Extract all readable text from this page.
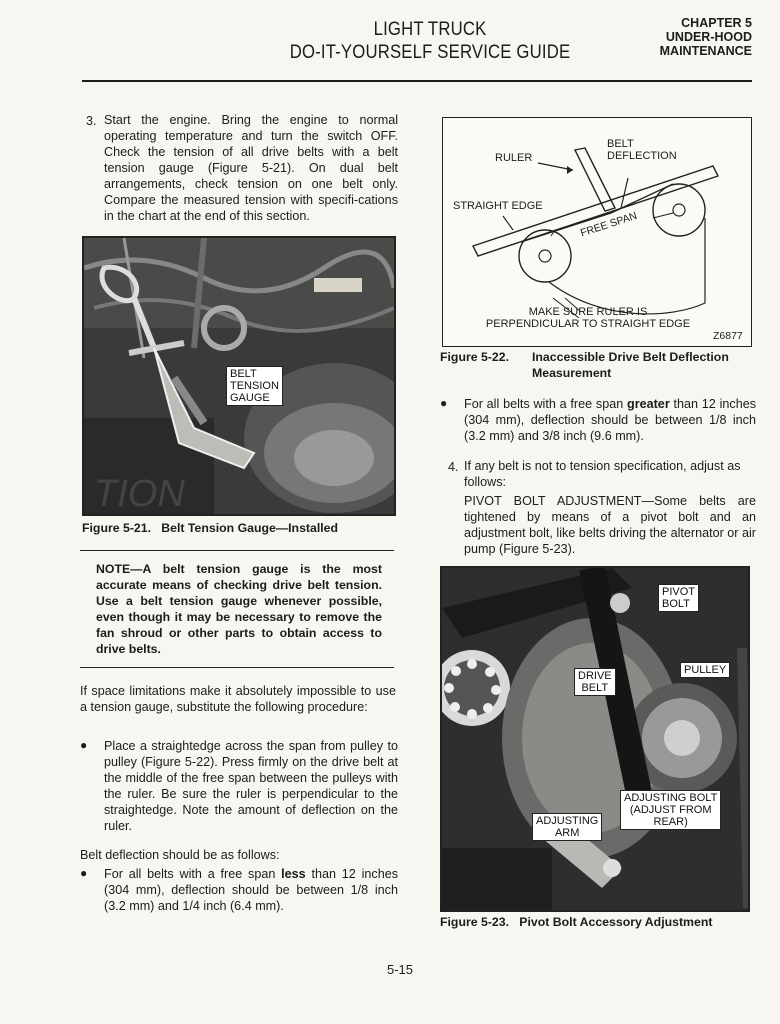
LIGHT TRUCK
DO-IT-YOURSELF SERVICE GUIDE
CHAPTER 5
UNDER-HOOD
MAINTENANCE
3. Start the engine. Bring the engine to normal operating temperature and turn the switch OFF. Check the tension of all drive belts with a belt tension gauge (Figure 5-21). On dual belt arrangements, check tension on one belt only. Compare the measured tension with specifi-cations in the chart at the end of this section.

TION
BELT
TENSION
GAUGE
Figure 5-21. Belt Tension Gauge—Installed

NOTE—A belt tension gauge is the most accurate means of checking drive belt tension. Use a belt tension gauge whenever possible, even though it may be necessary to remove the fan shroud or other parts to obtain access to drive belts.

If space limitations make it absolutely impossible to use a tension gauge, substitute the following procedure:

● Place a straightedge across the span from pulley to pulley (Figure 5-22). Press firmly on the drive belt at the middle of the free span between the pulleys with the ruler. Be sure the ruler is perpendicular to the straightedge. Note the amount of deflection on the ruler.

Belt deflection should be as follows:

● For all belts with a free span less than 12 inches (304 mm), deflection should be between 1/8 inch (3.2 mm) and 1/4 inch (6.4 mm).

RULER
BELT
DEFLECTION
STRAIGHT EDGE
FREE SPAN
MAKE SURE RULER IS
PERPENDICULAR TO STRAIGHT EDGE
Z6877
Figure 5-22.	Inaccessible Drive Belt Deflection Measurement
● For all belts with a free span greater than 12 inches (304 mm), deflection should be between 1/8 inch (3.2 mm) and 3/8 inch (9.6 mm).

4. If any belt is not to tension specification, adjust as follows:

PIVOT BOLT ADJUSTMENT—Some belts are tightened by means of a pivot bolt and an adjustment bolt, like belts driving the alternator or air pump (Figure 5-23).

PIVOT
BOLT
PULLEY
DRIVE
BELT
ADJUSTING BOLT
(ADJUST FROM
REAR)
ADJUSTING
ARM
Figure 5-23. Pivot Bolt Accessory Adjustment
5-15
